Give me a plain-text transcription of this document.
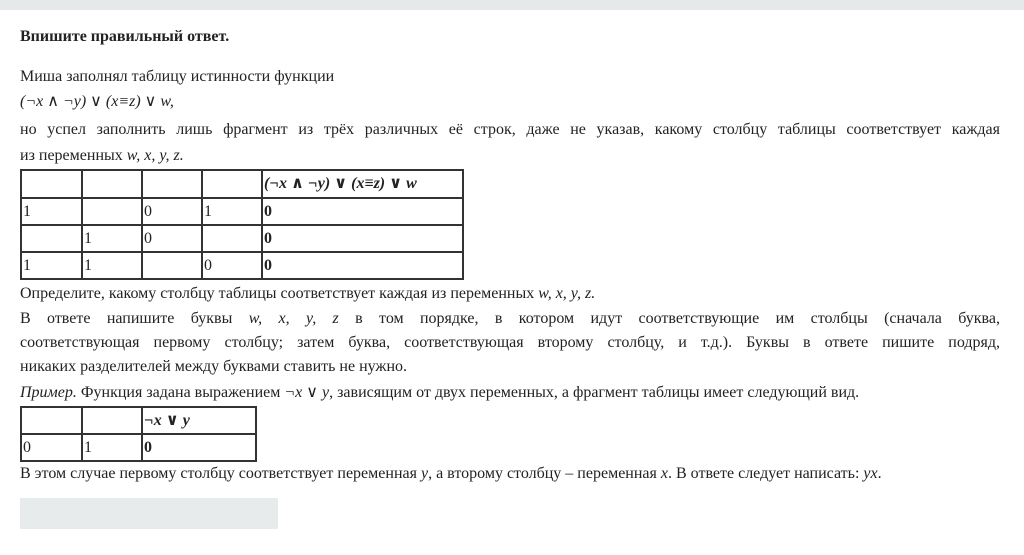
Впишите правильный ответ.
Миша заполнял таблицу истинности функции
(¬x ∧ ¬y) ∨ (x≡z) ∨ w,
но успел заполнить лишь фрагмент из трёх различных её строк, даже не указав, какому столбцу таблицы соответствует каждая
из переменных w, x, y, z.
				(¬x ∧ ¬y) ∨ (x≡z) ∨ w
1		0	1	0
	1	0		0
1	1		0	0
Определите, какому столбцу таблицы соответствует каждая из переменных w, x, y, z.
В ответе напишите буквы w, x, y, z в том порядке, в котором идут соответствующие им столбцы (сначала буква,
соответствующая первому столбцу; затем буква, соответствующая второму столбцу, и т.д.). Буквы в ответе пишите подряд,
никаких разделителей между буквами ставить не нужно.
Пример. Функция задана выражением ¬x ∨ y, зависящим от двух переменных, а фрагмент таблицы имеет следующий вид.
		¬x ∨ y
0	1	0
В этом случае первому столбцу соответствует переменная y, а второму столбцу – переменная x. В ответе следует написать: yx.
